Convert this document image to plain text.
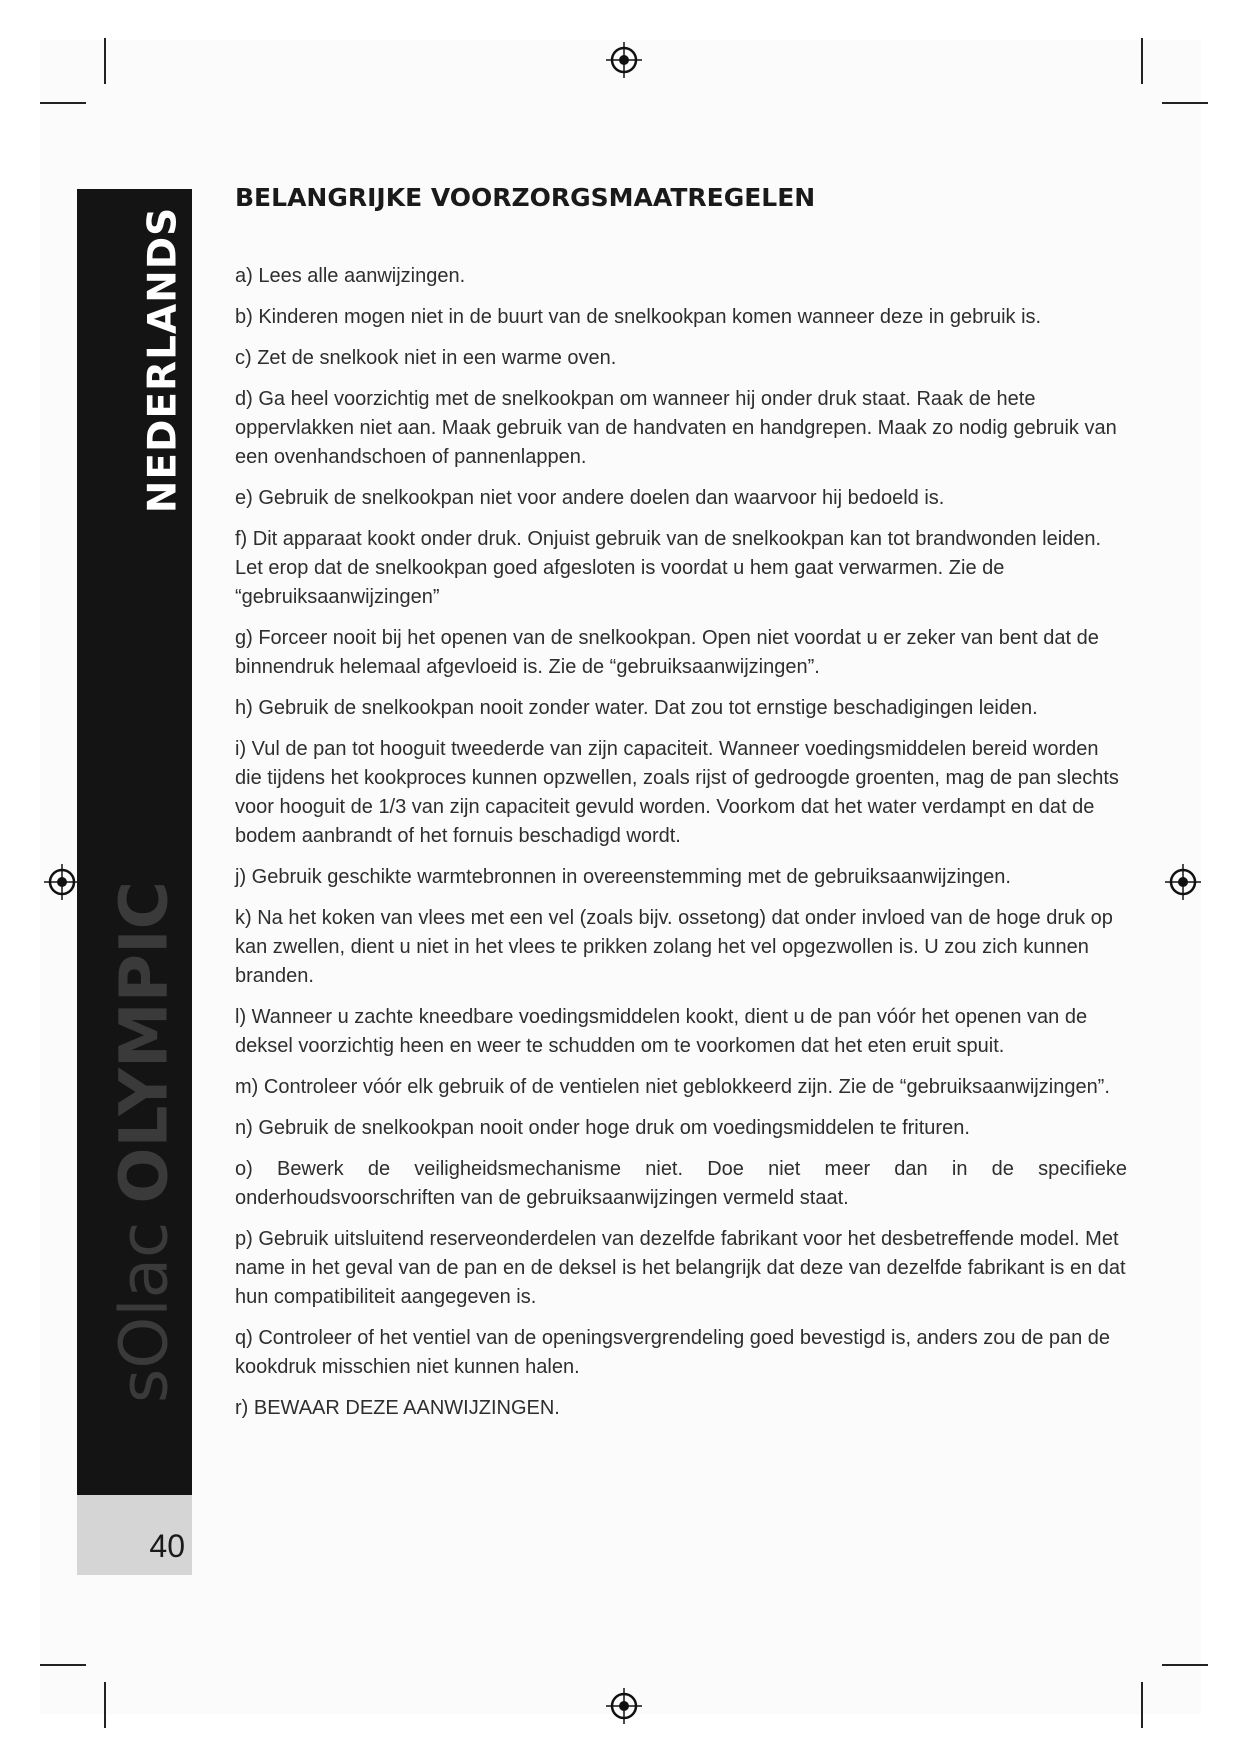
NEDERLANDS
sOlacOLYMPIC
40
BELANGRIJKE VOORZORGSMAATREGELEN

a) Lees alle aanwijzingen.

b) Kinderen mogen niet in de buurt van de snelkookpan komen wanneer deze in gebruik is.

c) Zet de snelkook niet in een warme oven.

d) Ga heel voorzichtig met de snelkookpan om wanneer hij onder druk staat. Raak de hete oppervlakken niet aan. Maak gebruik van de handvaten en handgrepen. Maak zo nodig gebruik van een ovenhandschoen of pannenlappen.

e) Gebruik de snelkookpan niet voor andere doelen dan waarvoor hij bedoeld is.

f) Dit apparaat kookt onder druk. Onjuist gebruik van de snelkookpan kan tot brandwonden leiden. Let erop dat de snelkookpan goed afgesloten is voordat u hem gaat verwarmen. Zie de “gebruiksaanwijzingen”

g) Forceer nooit bij het openen van de snelkookpan. Open niet voordat u er zeker van bent dat de binnendruk helemaal afgevloeid is. Zie de “gebruiksaanwijzingen”.

h) Gebruik de snelkookpan nooit zonder water. Dat zou tot ernstige beschadigingen leiden.

i) Vul de pan tot hooguit tweederde van zijn capaciteit. Wanneer voedingsmiddelen bereid worden die tijdens het kookproces kunnen opzwellen, zoals rijst of gedroogde groenten, mag de pan slechts voor hooguit de 1/3 van zijn capaciteit gevuld worden. Voorkom dat het water verdampt en dat de bodem aanbrandt of het fornuis beschadigd wordt.

j) Gebruik geschikte warmtebronnen in overeenstemming met de gebruiksaanwijzingen.

k) Na het koken van vlees met een vel (zoals bijv. ossetong) dat onder invloed van de hoge druk op kan zwellen, dient u niet in het vlees te prikken zolang het vel opgezwollen is. U zou zich kunnen branden.

l) Wanneer u zachte kneedbare voedingsmiddelen kookt, dient u de pan vóór het openen van de deksel voorzichtig heen en weer te schudden om te voorkomen dat het eten eruit spuit.

m) Controleer vóór elk gebruik of de ventielen niet geblokkeerd zijn. Zie de “gebruiksaanwijzingen”.

n) Gebruik de snelkookpan nooit onder hoge druk om voedingsmiddelen te frituren.

o) Bewerk de veiligheidsmechanisme niet. Doe niet meer dan in de specifieke onderhoudsvoorschriften van de gebruiksaanwijzingen vermeld staat.

p) Gebruik uitsluitend reserveonderdelen van dezelfde fabrikant voor het desbetreffende model. Met name in het geval van de pan en de deksel is het belangrijk dat deze van dezelfde fabrikant is en dat hun compatibiliteit aangegeven is.

q) Controleer of het ventiel van de openingsvergrendeling goed bevestigd is, anders zou de pan de kookdruk misschien niet kunnen halen.

r) BEWAAR DEZE AANWIJZINGEN.
